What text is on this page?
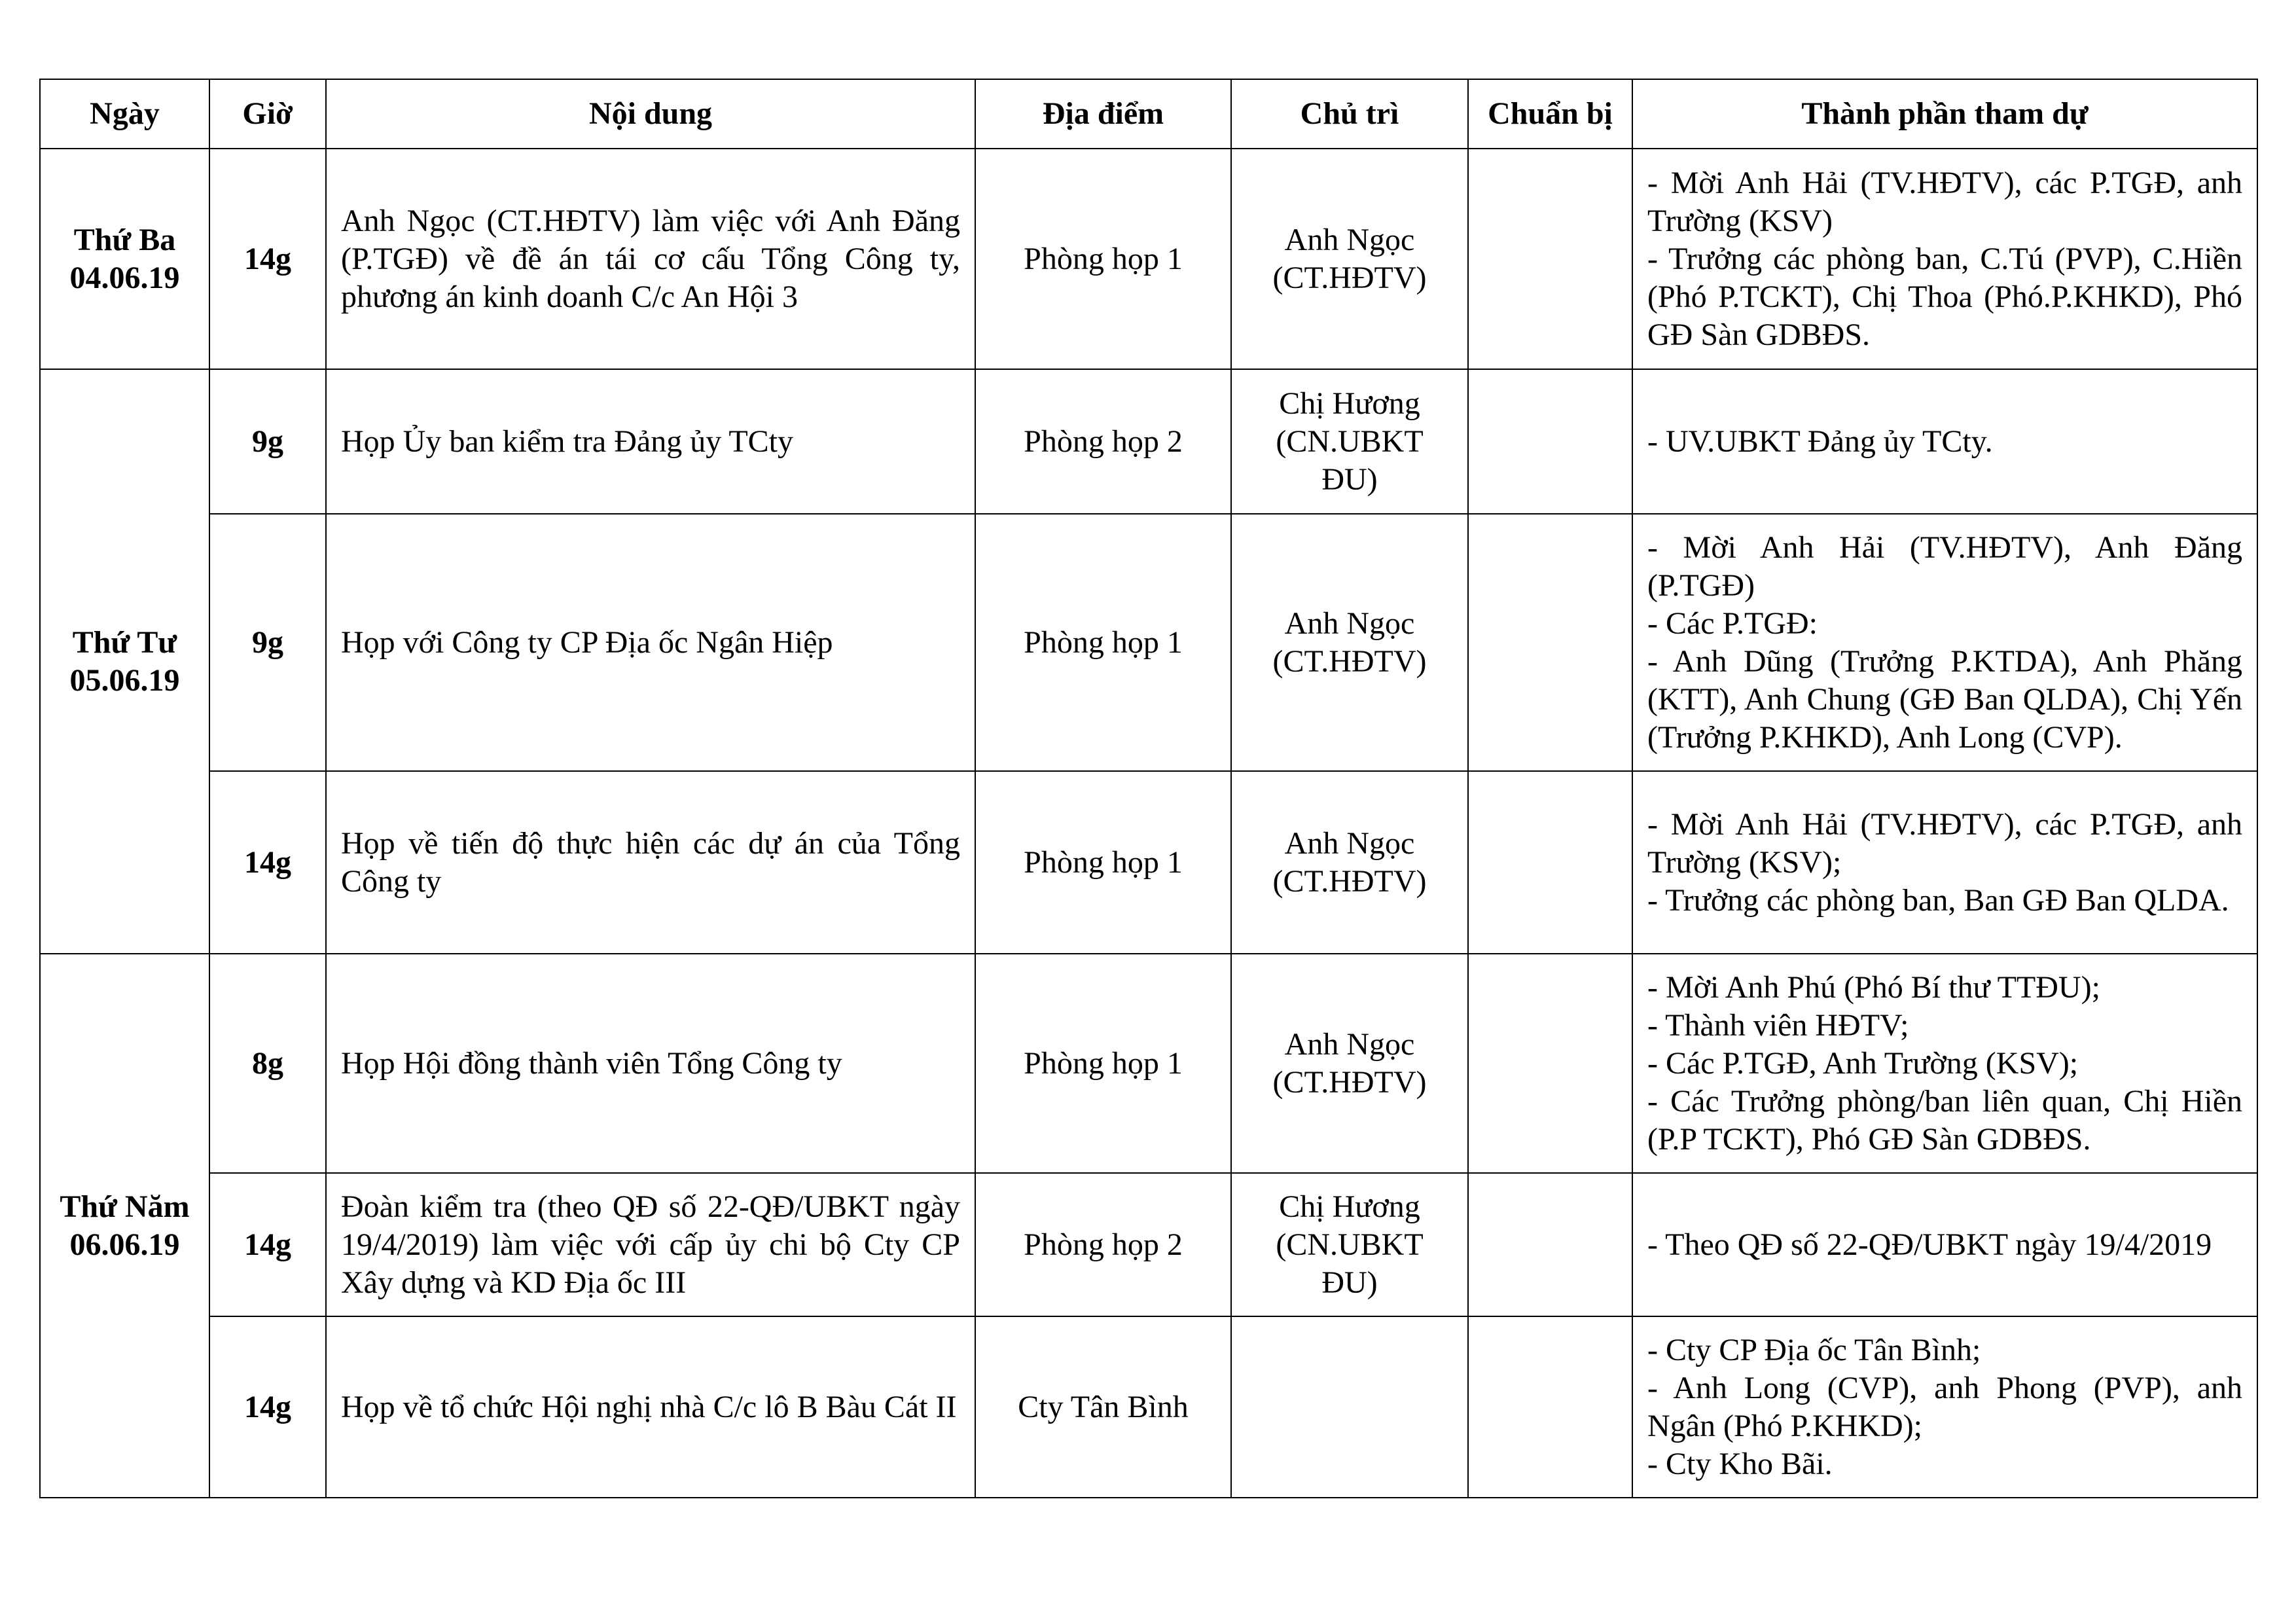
Ngày	Giờ	Nội dung	Địa điểm	Chủ trì	Chuẩn bị	Thành phần tham dự

Thứ Ba
04.06.19	14g	Anh Ngọc (CT.HĐTV) làm việc với Anh Đăng (P.TGĐ) về đề án tái cơ cấu Tổng Công ty, phương án kinh doanh C/c An Hội 3	Phòng họp 1	Anh Ngọc (CT.HĐTV)		- Mời Anh Hải (TV.HĐTV), các P.TGĐ, anh Trường (KSV)
- Trưởng các phòng ban, C.Tú (PVP), C.Hiền (Phó P.TCKT), Chị Thoa (Phó.P.KHKD), Phó GĐ Sàn GDBĐS.

Thứ Tư
05.06.19	9g	Họp Ủy ban kiểm tra Đảng ủy TCty	Phòng họp 2	Chị Hương (CN.UBKT ĐU)		- UV.UBKT Đảng ủy TCty.

	9g	Họp với Công ty CP Địa ốc Ngân Hiệp	Phòng họp 1	Anh Ngọc (CT.HĐTV)		- Mời Anh Hải (TV.HĐTV), Anh Đăng (P.TGĐ)
- Các P.TGĐ:
- Anh Dũng (Trưởng P.KTDA), Anh Phăng (KTT), Anh Chung (GĐ Ban QLDA), Chị Yến (Trưởng P.KHKD), Anh Long (CVP).

	14g	Họp về tiến độ thực hiện các dự án của Tổng Công ty	Phòng họp 1	Anh Ngọc (CT.HĐTV)		- Mời Anh Hải (TV.HĐTV), các P.TGĐ, anh Trường (KSV);
- Trưởng các phòng ban, Ban GĐ Ban QLDA.

Thứ Năm
06.06.19	8g	Họp Hội đồng thành viên Tổng Công ty	Phòng họp 1	Anh Ngọc (CT.HĐTV)		- Mời Anh Phú (Phó Bí thư TTĐU);
- Thành viên HĐTV;
- Các P.TGĐ, Anh Trường (KSV);
- Các Trưởng phòng/ban liên quan, Chị Hiền (P.P TCKT), Phó GĐ Sàn GDBĐS.

	14g	Đoàn kiểm tra (theo QĐ số 22-QĐ/UBKT ngày 19/4/2019) làm việc với cấp ủy chi bộ Cty CP Xây dựng và KD Địa ốc III	Phòng họp 2	Chị Hương (CN.UBKT ĐU)		- Theo QĐ số 22-QĐ/UBKT ngày 19/4/2019

	14g	Họp về tổ chức Hội nghị nhà C/c lô B Bàu Cát II	Cty Tân Bình			- Cty CP Địa ốc Tân Bình;
- Anh Long (CVP), anh Phong (PVP), anh Ngân (Phó P.KHKD);
- Cty Kho Bãi.
